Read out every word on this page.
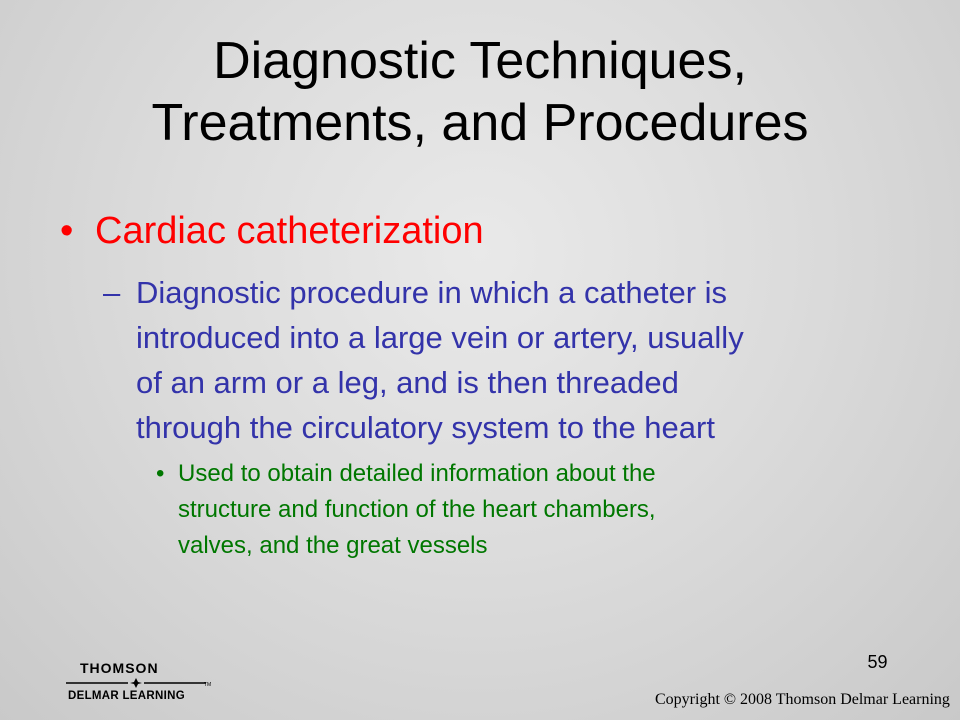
Diagnostic Techniques,
Treatments, and Procedures
• Cardiac catheterization
– Diagnostic procedure in which a catheter is
introduced into a large vein or artery, usually
of an arm or a leg, and is then threaded
through the circulatory system to the heart
• Used to obtain detailed information about the
structure and function of the heart chambers,
valves, and the great vessels
59
THOMSON
TM
DELMAR LEARNING	Copyright © 2008 Thomson Delmar Learning
